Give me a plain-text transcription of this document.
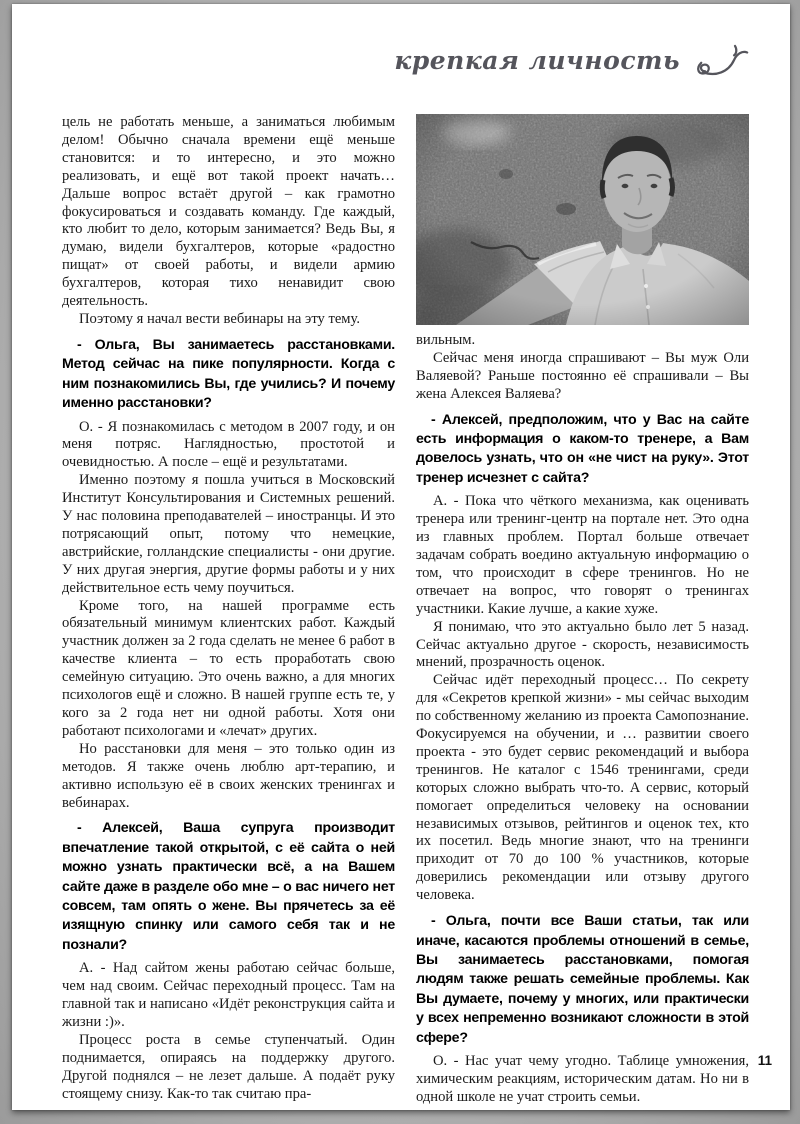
крепкая личность

цель не работать меньше, а заниматься любимым делом! Обычно сначала времени ещё меньше становится: и то интересно, и это можно реализовать, и ещё вот такой проект начать… Дальше вопрос встаёт другой – как грамотно фокусироваться и создавать команду. Где каждый, кто любит то дело, которым занимается? Ведь Вы, я думаю, видели бухгалтеров, которые «радостно пищат» от своей работы, и видели армию бухгалтеров, которая тихо ненавидит свою деятельность.

Поэтому я начал вести вебинары на эту тему.

- Ольга, Вы занимаетесь расстановками. Метод сейчас на пике популярности. Когда с ним познакомились Вы, где учились? И почему именно расстановки?

О. - Я познакомилась с методом в 2007 году, и он меня потряс. Наглядностью, простотой и очевидностью. А после – ещё и результатами.

Именно поэтому я пошла учиться в Московский Институт Консультирования и Системных решений. У нас половина преподавателей – иностранцы. И это потрясающий опыт, потому что немецкие, австрийские, голландские специалисты - они другие. У них другая энергия, другие формы работы и у них действительное есть чему поучиться.

Кроме того, на нашей программе есть обязательный минимум клиентских работ. Каждый участник должен за 2 года сделать не менее 6 работ в качестве клиента – то есть проработать свою семейную ситуацию. Это очень важно, а для многих психологов ещё и сложно. В нашей группе есть те, у кого за 2 года нет ни одной работы. Хотя они работают психологами и «лечат» других.

Но расстановки для меня – это только один из методов. Я также очень люблю арт-терапию, и активно использую её в своих женских тренингах и вебинарах.

- Алексей, Ваша супруга производит впечатление такой открытой, с её сайта о ней можно узнать практически всё, а на Вашем сайте даже в разделе обо мне – о вас ничего нет совсем, там опять о жене. Вы прячетесь за её изящную спинку или самого себя так и не познали?

А. - Над сайтом жены работаю сейчас больше, чем над своим. Сейчас переходный процесс. Там на главной так и написано «Идёт реконструкция сайта и жизни :)».

Процесс роста в семье ступенчатый. Один поднимается, опираясь на поддержку другого. Другой поднялся – не лезет дальше. А подаёт руку стоящему снизу. Как-то так считаю пра-

вильным.

Сейчас меня иногда спрашивают – Вы муж Оли Валяевой? Раньше постоянно её спрашивали – Вы жена Алексея Валяева?

- Алексей, предположим, что у Вас на сайте есть информация о каком-то тренере, а Вам довелось узнать, что он «не чист на руку». Этот тренер исчезнет с сайта?

А. - Пока что чёткого механизма, как оценивать тренера или тренинг-центр на портале нет. Это одна из главных проблем. Портал больше отвечает задачам собрать воедино актуальную информацию о том, что происходит в сфере тренингов. Но не отвечает на вопрос, что говорят о тренингах участники. Какие лучше, а какие хуже.

Я понимаю, что это актуально было лет 5 назад. Сейчас актуально другое - скорость, независимость мнений, прозрачность оценок.

Сейчас идёт переходный процесс… По секрету для «Секретов крепкой жизни» - мы сейчас выходим по собственному желанию из проекта Самопознание. Фокусируемся на обучении, и … развитии своего проекта - это будет сервис рекомендаций и выбора тренингов. Не каталог с 1546 тренингами, среди которых сложно выбрать что-то. А сервис, который помогает определиться человеку на основании независимых отзывов, рейтингов и оценок тех, кто их посетил. Ведь многие знают, что на тренинги приходит от 70 до 100 % участников, которые доверились рекомендации или отзыву другого человека.

- Ольга, почти все Ваши статьи, так или иначе, касаются проблемы отношений в семье, Вы занимаетесь расстановками, помогая людям также решать семейные проблемы. Как Вы думаете, почему у многих, или практически у всех непременно возникают сложности в этой сфере?

О. - Нас учат чему угодно. Таблице умножения, химическим реакциям, историческим датам. Но ни в одной школе не учат строить семьи.

11
